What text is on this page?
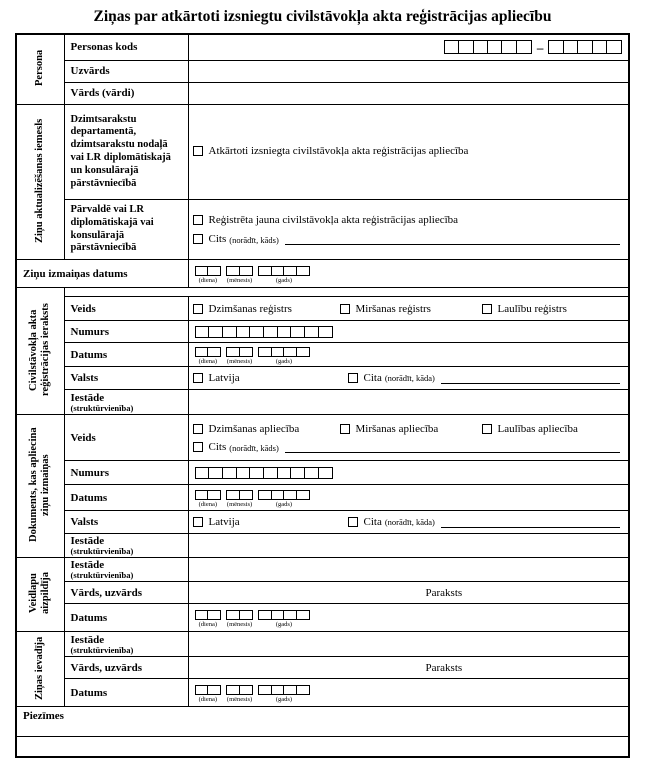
Ziņas par atkārtoti izsniegtu civilstāvokļa akta reģistrācijas apliecību
Persona	Personas kods	–

	Uzvārds	
	Vārds (vārdi)	
Ziņu aktualizēšanas iemesls	Dzimtsarakstu departamentā, dzimtsarakstu nodaļā vai LR diplomātiskajā un konsulārajā pārstāvniecībā	Atkārtoti izsniegta civilstāvokļa akta reģistrācijas apliecība

	Pārvaldē vai LR diplomātiskajā vai konsulārajā pārstāvniecībā	Reģistrēta jauna civilstāvokļa akta reģistrācijas apliecība
Cits (norādīt, kāds)

Ziņu izmaiņas datums		(diena) (mēnesis) (gads)

Civilstāvokļa akta reģistrācijas ieraksts		
	Veids	Dzimšanas reģistrs Miršanas reģistrs Laulību reģistrs

	Numurs	

	Datums	(diena) (mēnesis) (gads)

	Valsts	Latvija Cita (norādīt, kāda)

	Iestāde
(struktūrvienība)	

Dokuments, kas apliecina ziņu izmaiņas	Veids	Dzimšanas apliecība Miršanas apliecība Laulības apliecība
Cits (norādīt, kāds)

	Numurs	

	Datums	(diena) (mēnesis) (gads)

	Valsts	Latvija Cita (norādīt, kāda)

	Iestāde
(struktūrvienība)	

Veidlapu aizpildīja	Iestāde
(struktūrvienība)	

	Vārds, uzvārds	Paraksts

	Datums	(diena) (mēnesis) (gads)

Ziņas ievadīja	Iestāde
(struktūrvienība)	

	Vārds, uzvārds	Paraksts

	Datums	(diena) (mēnesis) (gads)

Piezīmes		
